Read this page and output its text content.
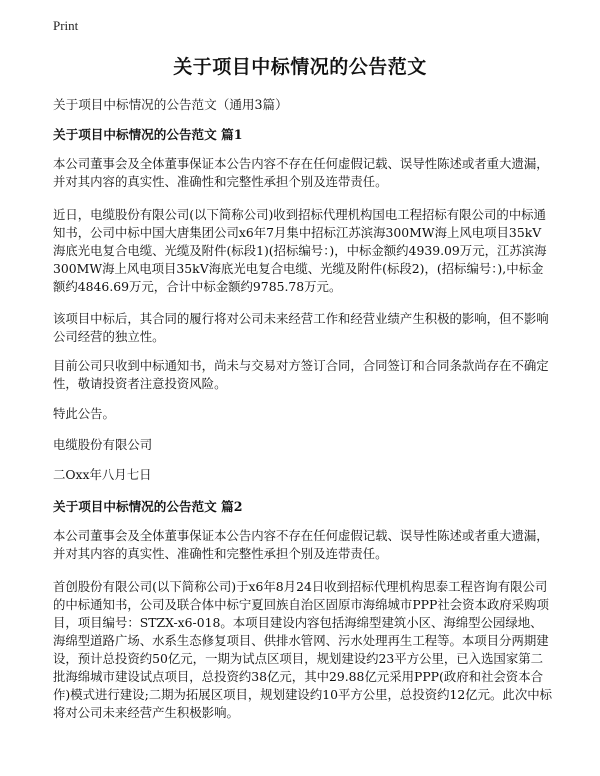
Print
关于项目中标情况的公告范文

关于项目中标情况的公告范文（通用3篇）

关于项目中标情况的公告范文 篇1

本公司董事会及全体董事保证本公告内容不存在任何虚假记载、误导性陈述或者重大遗漏，并对其内容的真实性、准确性和完整性承担个别及连带责任。

近日，电缆股份有限公司(以下简称公司)收到招标代理机构国电工程招标有限公司的中标通知书，公司中标中国大唐集团公司x6年7月集中招标江苏滨海300MW海上风电项目35kV海底光电复合电缆、光缆及附件(标段1)(招标编号：)，中标金额约4939.09万元，江苏滨海300MW海上风电项目35kV海底光电复合电缆、光缆及附件(标段2)，(招标编号：),中标金额约4846.69万元，合计中标金额约9785.78万元。

该项目中标后，其合同的履行将对公司未来经营工作和经营业绩产生积极的影响，但不影响公司经营的独立性。

目前公司只收到中标通知书，尚未与交易对方签订合同，合同签订和合同条款尚存在不确定性，敬请投资者注意投资风险。

特此公告。

电缆股份有限公司

二Oxx年八月七日

关于项目中标情况的公告范文 篇2

本公司董事会及全体董事保证本公告内容不存在任何虚假记载、误导性陈述或者重大遗漏，并对其内容的真实性、准确性和完整性承担个别及连带责任。

首创股份有限公司(以下简称公司)于x6年8月24日收到招标代理机构思泰工程咨询有限公司的中标通知书，公司及联合体中标宁夏回族自治区固原市海绵城市PPP社会资本政府采购项目，项目编号：STZX-x6-018。本项目建设内容包括海绵型建筑小区、海绵型公园绿地、海绵型道路广场、水系生态修复项目、供排水管网、污水处理再生工程等。本项目分两期建设，预计总投资约50亿元，一期为试点区项目，规划建设约23平方公里，已入选国家第二批海绵城市建设试点项目，总投资约38亿元，其中29.88亿元采用PPP(政府和社会资本合作)模式进行建设;二期为拓展区项目，规划建设约10平方公里，总投资约12亿元。此次中标将对公司未来经营产生积极影响。
